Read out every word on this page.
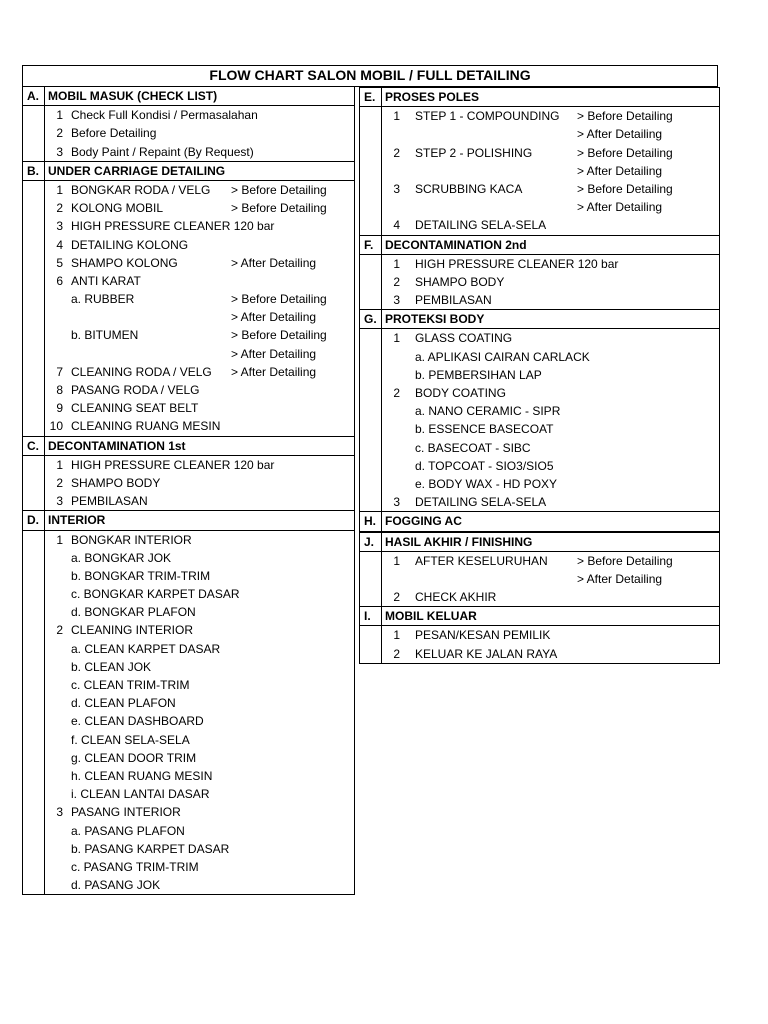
FLOW CHART SALON MOBIL / FULL DETAILING
A. MOBIL MASUK (CHECK LIST)
1 Check Full Kondisi / Permasalahan
2 Before Detailing
3 Body Paint / Repaint (By Request)
B. UNDER CARRIAGE DETAILING
1 BONGKAR RODA / VELG > Before Detailing
2 KOLONG MOBIL	> Before Detailing
3 HIGH PRESSURE CLEANER 120 bar
4 DETAILING KOLONG
5 SHAMPO KOLONG	> After Detailing
6 ANTI KARAT
a. RUBBER	> Before Detailing
> After Detailing
b. BITUMEN	> Before Detailing
> After Detailing
7 CLEANING RODA / VELG > After Detailing
8 PASANG RODA / VELG
9 CLEANING SEAT BELT
10 CLEANING RUANG MESIN
C. DECONTAMINATION 1st
1 HIGH PRESSURE CLEANER 120 bar
2 SHAMPO BODY
3 PEMBILASAN
D. INTERIOR
1 BONGKAR INTERIOR
a. BONGKAR JOK
b. BONGKAR TRIM-TRIM
c. BONGKAR KARPET DASAR
d. BONGKAR PLAFON
2 CLEANING INTERIOR
a. CLEAN KARPET DASAR
b. CLEAN JOK
c. CLEAN TRIM-TRIM
d. CLEAN PLAFON
e. CLEAN DASHBOARD
f. CLEAN SELA-SELA
g. CLEAN DOOR TRIM
h. CLEAN RUANG MESIN
i. CLEAN LANTAI DASAR
3 PASANG INTERIOR
a. PASANG PLAFON
b. PASANG KARPET DASAR
c. PASANG TRIM-TRIM
d. PASANG JOK
E. PROSES POLES
1 STEP 1 - COMPOUNDING > Before Detailing
> After Detailing
2 STEP 2 - POLISHING	> Before Detailing
> After Detailing
3 SCRUBBING KACA	> Before Detailing
> After Detailing
4 DETAILING SELA-SELA
F. DECONTAMINATION 2nd
1 HIGH PRESSURE CLEANER 120 bar
2 SHAMPO BODY
3 PEMBILASAN
G. PROTEKSI BODY
1 GLASS COATING
a. APLIKASI CAIRAN CARLACK
b. PEMBERSIHAN LAP
2 BODY COATING
a. NANO CERAMIC - SIPR
b. ESSENCE BASECOAT
c. BASECOAT - SIBC
d. TOPCOAT - SIO3/SIO5
e. BODY WAX - HD POXY
3 DETAILING SELA-SELA
H. FOGGING AC
J. HASIL AKHIR / FINISHING
1 AFTER KESELURUHAN > Before Detailing
> After Detailing
2 CHECK AKHIR
I. MOBIL KELUAR
1 PESAN/KESAN PEMILIK
2 KELUAR KE JALAN RAYA
